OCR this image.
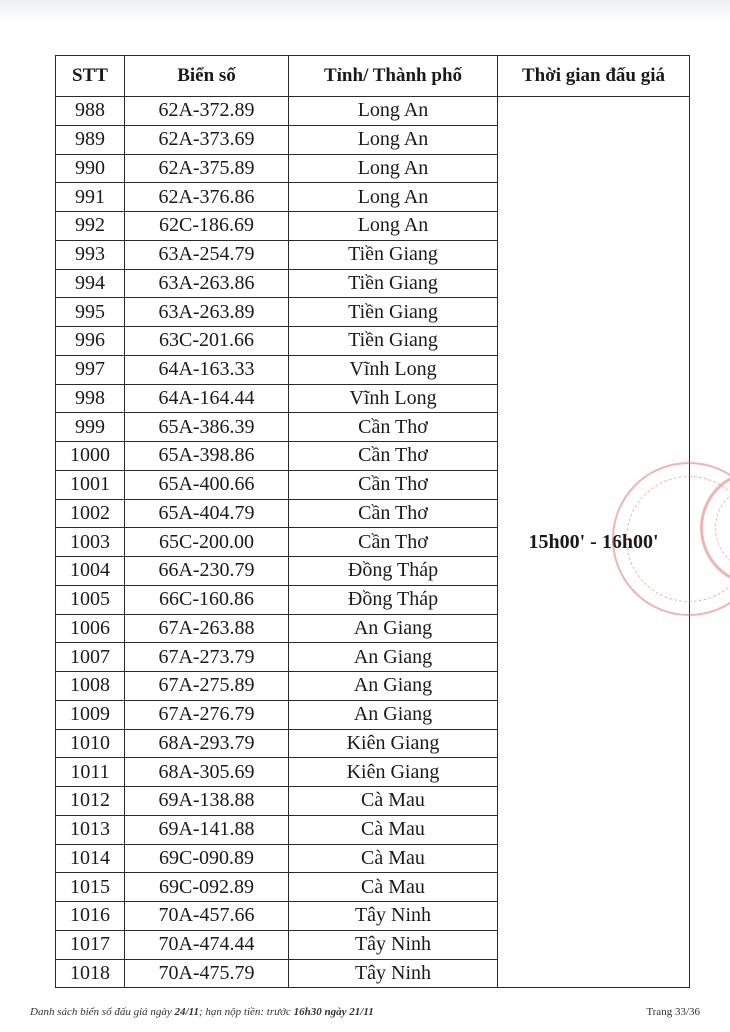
STT	Biển số	Tỉnh/ Thành phố	Thời gian đấu giá
988	62A-372.89	Long An	15h00' - 16h00'
989	62A-373.69	Long An	
990	62A-375.89	Long An	
991	62A-376.86	Long An	
992	62C-186.69	Long An	
993	63A-254.79	Tiền Giang	
994	63A-263.86	Tiền Giang	
995	63A-263.89	Tiền Giang	
996	63C-201.66	Tiền Giang	
997	64A-163.33	Vĩnh Long	
998	64A-164.44	Vĩnh Long	
999	65A-386.39	Cần Thơ	
1000	65A-398.86	Cần Thơ	
1001	65A-400.66	Cần Thơ	
1002	65A-404.79	Cần Thơ	
1003	65C-200.00	Cần Thơ	
1004	66A-230.79	Đồng Tháp	
1005	66C-160.86	Đồng Tháp	
1006	67A-263.88	An Giang	
1007	67A-273.79	An Giang	
1008	67A-275.89	An Giang	
1009	67A-276.79	An Giang	
1010	68A-293.79	Kiên Giang	
1011	68A-305.69	Kiên Giang	
1012	69A-138.88	Cà Mau	
1013	69A-141.88	Cà Mau	
1014	69C-090.89	Cà Mau	
1015	69C-092.89	Cà Mau	
1016	70A-457.66	Tây Ninh	
1017	70A-474.44	Tây Ninh	
1018	70A-475.79	Tây Ninh	
Danh sách biển số đấu giá ngày 24/11; hạn nộp tiền: trước 16h30 ngày 21/11	Trang 33/36
